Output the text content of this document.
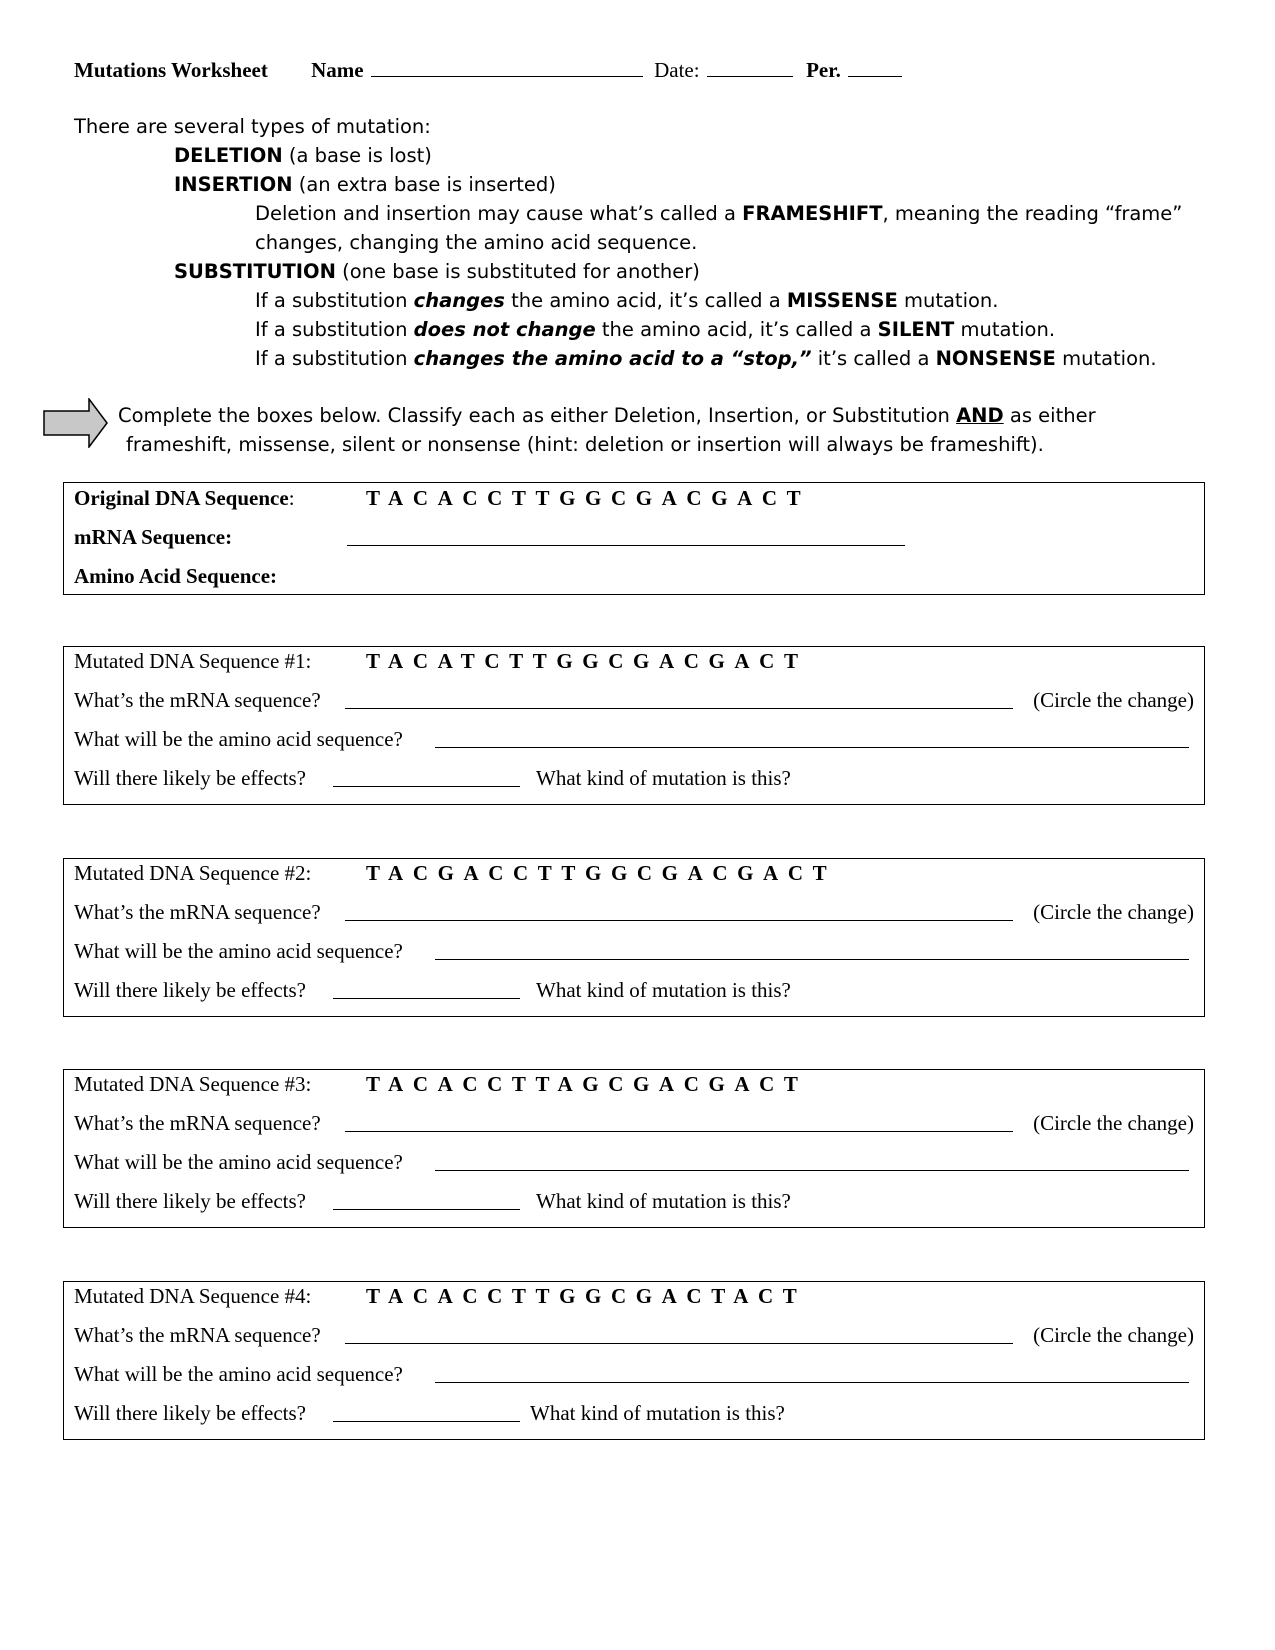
Mutations Worksheet Name	Date:	Per.
There are several types of mutation:
DELETION (a base is lost)
INSERTION (an extra base is inserted)
Deletion and insertion may cause what’s called a FRAMESHIFT, meaning the reading “frame”
changes, changing the amino acid sequence.
SUBSTITUTION (one base is substituted for another)
If a substitution changes the amino acid, it’s called a MISSENSE mutation.
If a substitution does not change the amino acid, it’s called a SILENT mutation.
If a substitution changes the amino acid to a “stop,” it’s called a NONSENSE mutation.
Complete the boxes below. Classify each as either Deletion, Insertion, or Substitution AND as either
frameshift, missense, silent or nonsense (hint: deletion or insertion will always be frameshift).
Original DNA Sequence:	TACACCTTGGCGACGACT
mRNA Sequence:
Amino Acid Sequence:
Mutated DNA Sequence #1:	TACATCTTGGCGACGACT
What’s the mRNA sequence?	(Circle the change)
What will be the amino acid sequence?
Will there likely be effects?	What kind of mutation is this?
Mutated DNA Sequence #2:	TACGACCTTGGCGACGACT
What’s the mRNA sequence?	(Circle the change)
What will be the amino acid sequence?
Will there likely be effects?	What kind of mutation is this?
Mutated DNA Sequence #3:	TACACCTTAGCGACGACT
What’s the mRNA sequence?	(Circle the change)
What will be the amino acid sequence?
Will there likely be effects?	What kind of mutation is this?
Mutated DNA Sequence #4:	TACACCTTGGCGACTACT
What’s the mRNA sequence?	(Circle the change)
What will be the amino acid sequence?
Will there likely be effects?	What kind of mutation is this?
